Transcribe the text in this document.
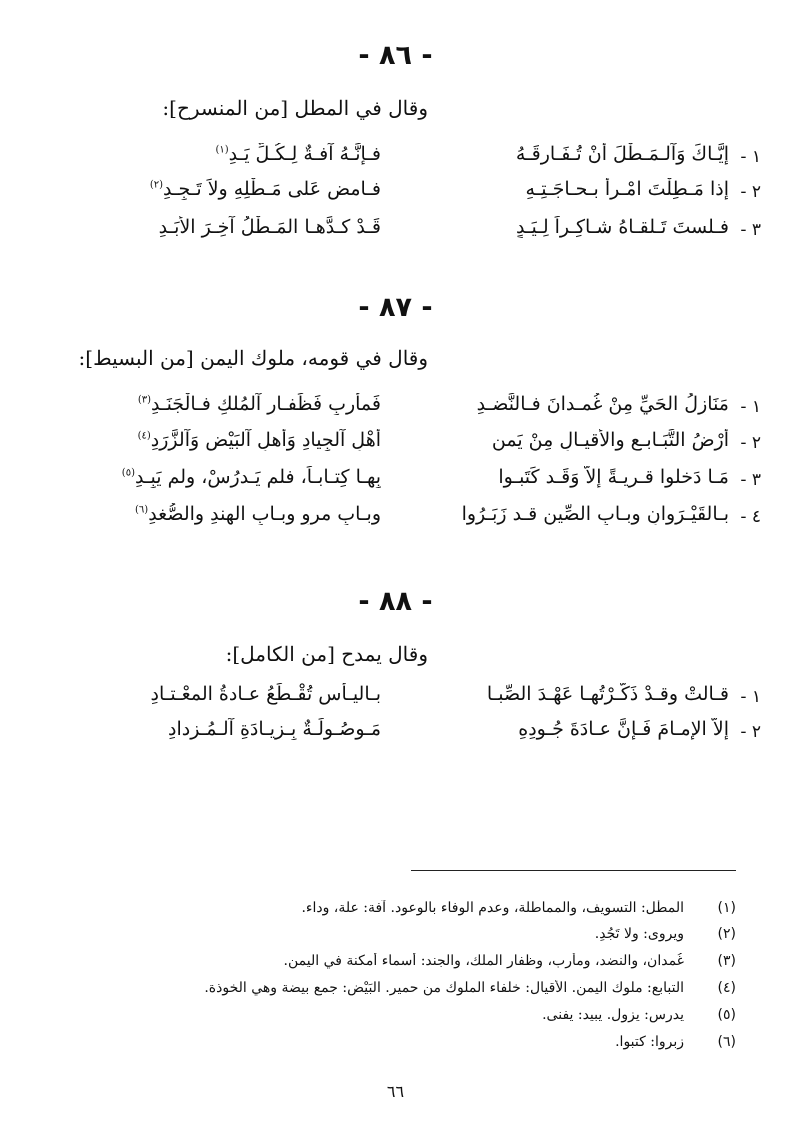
- ٨٦ -
وقال في المطل [من المنسرح]:
١ -
إيَّـاكَ وَآلـمَـطْلَ أنْ تُـفَـارِقَـهُ
فـإنَّـهُ آفـةٌ لِـكُـلِّ يَـدِ$^{(١)}$
٢ -
إذا مَـطِلْتَ امْـرأً بـحـاجَـتِـهِ
فـامضِ عَلى مَـطْلِهِ ولاَ تَـجِـدِ$^{(٢)}$
٣ -
فـلستَ تَـلقـاهُ شـاكِـراً لِـيَـدٍ
قَـدْ كـدَّهـا المَـطْلُ آخِـرَ الأبَـدِ
- ٨٧ -
وقال في قومه، ملوك اليمن [من البسيط]:
١ -
مَنَازِلُ الحَيِّ مِنْ غُمـدانَ فـالنَّضـدِ
فَمأربٍ فَظَفـارِ آلمُلكِ فـالْجَنَـدِ$^{(٣)}$
٢ -
أرْضُ التَّبَـابـعِ والأقيـالِ مِنْ يَمنٍ
أهْلِ آلجِيادِ وَأهلِ آلبَيْضِ وَآلزَّرَدِ$^{(٤)}$
٣ -
مَـا دَخلوا قـريـةً إلاّ وَقَـد كَتَبـوا
بِهـا كِتـابـاً، فلم يَـدرُسْ، ولم يَبِـدِ$^{(٥)}$
٤ -
بـالقَيْـرَوانِ وبـابِ الصِّينِ قـد زَبَـرُوا
وبـابِ مروٍ وبـابِ الهِندِ والصُّغدِ$^{(٦)}$
- ٨٨ -
وقال يمدح [من الكامل]:
١ -
قـالتْ وقـدْ ذَكَّـرْتُهـا عَهْـدَ الصِّبـا
بـاليـأْسِ تُقْـطَعُ عـادةُ المعْـتـادِ
٢ -
إلاَّ الإمـامَ فَـإنَّ عـادَةَ جُـودِهِ
مَـوصُـولَـةٌ بِـزِيـادَةِ آلـمُـزدادِ
(١)
المطْل: التسويف، والمماطلة، وعدم الوفاء بالوعود. آفة: علة، وداء.
(٢)
ويروى: ولا تَجُدِ.
(٣)
غُمدان، والنضد، ومأرب، وظفار الملك، والجند: أسماء أمكنة في اليمن.
(٤)
التبابع: ملوك اليمن. الأقيال: خلفاء الملوك من حمير. البَيْض: جمع بيضة وهي الخوذة.
(٥)
يدرس: يزول. يبيد: يفنى.
(٦)
زبروا: كتبوا.
٦٦
